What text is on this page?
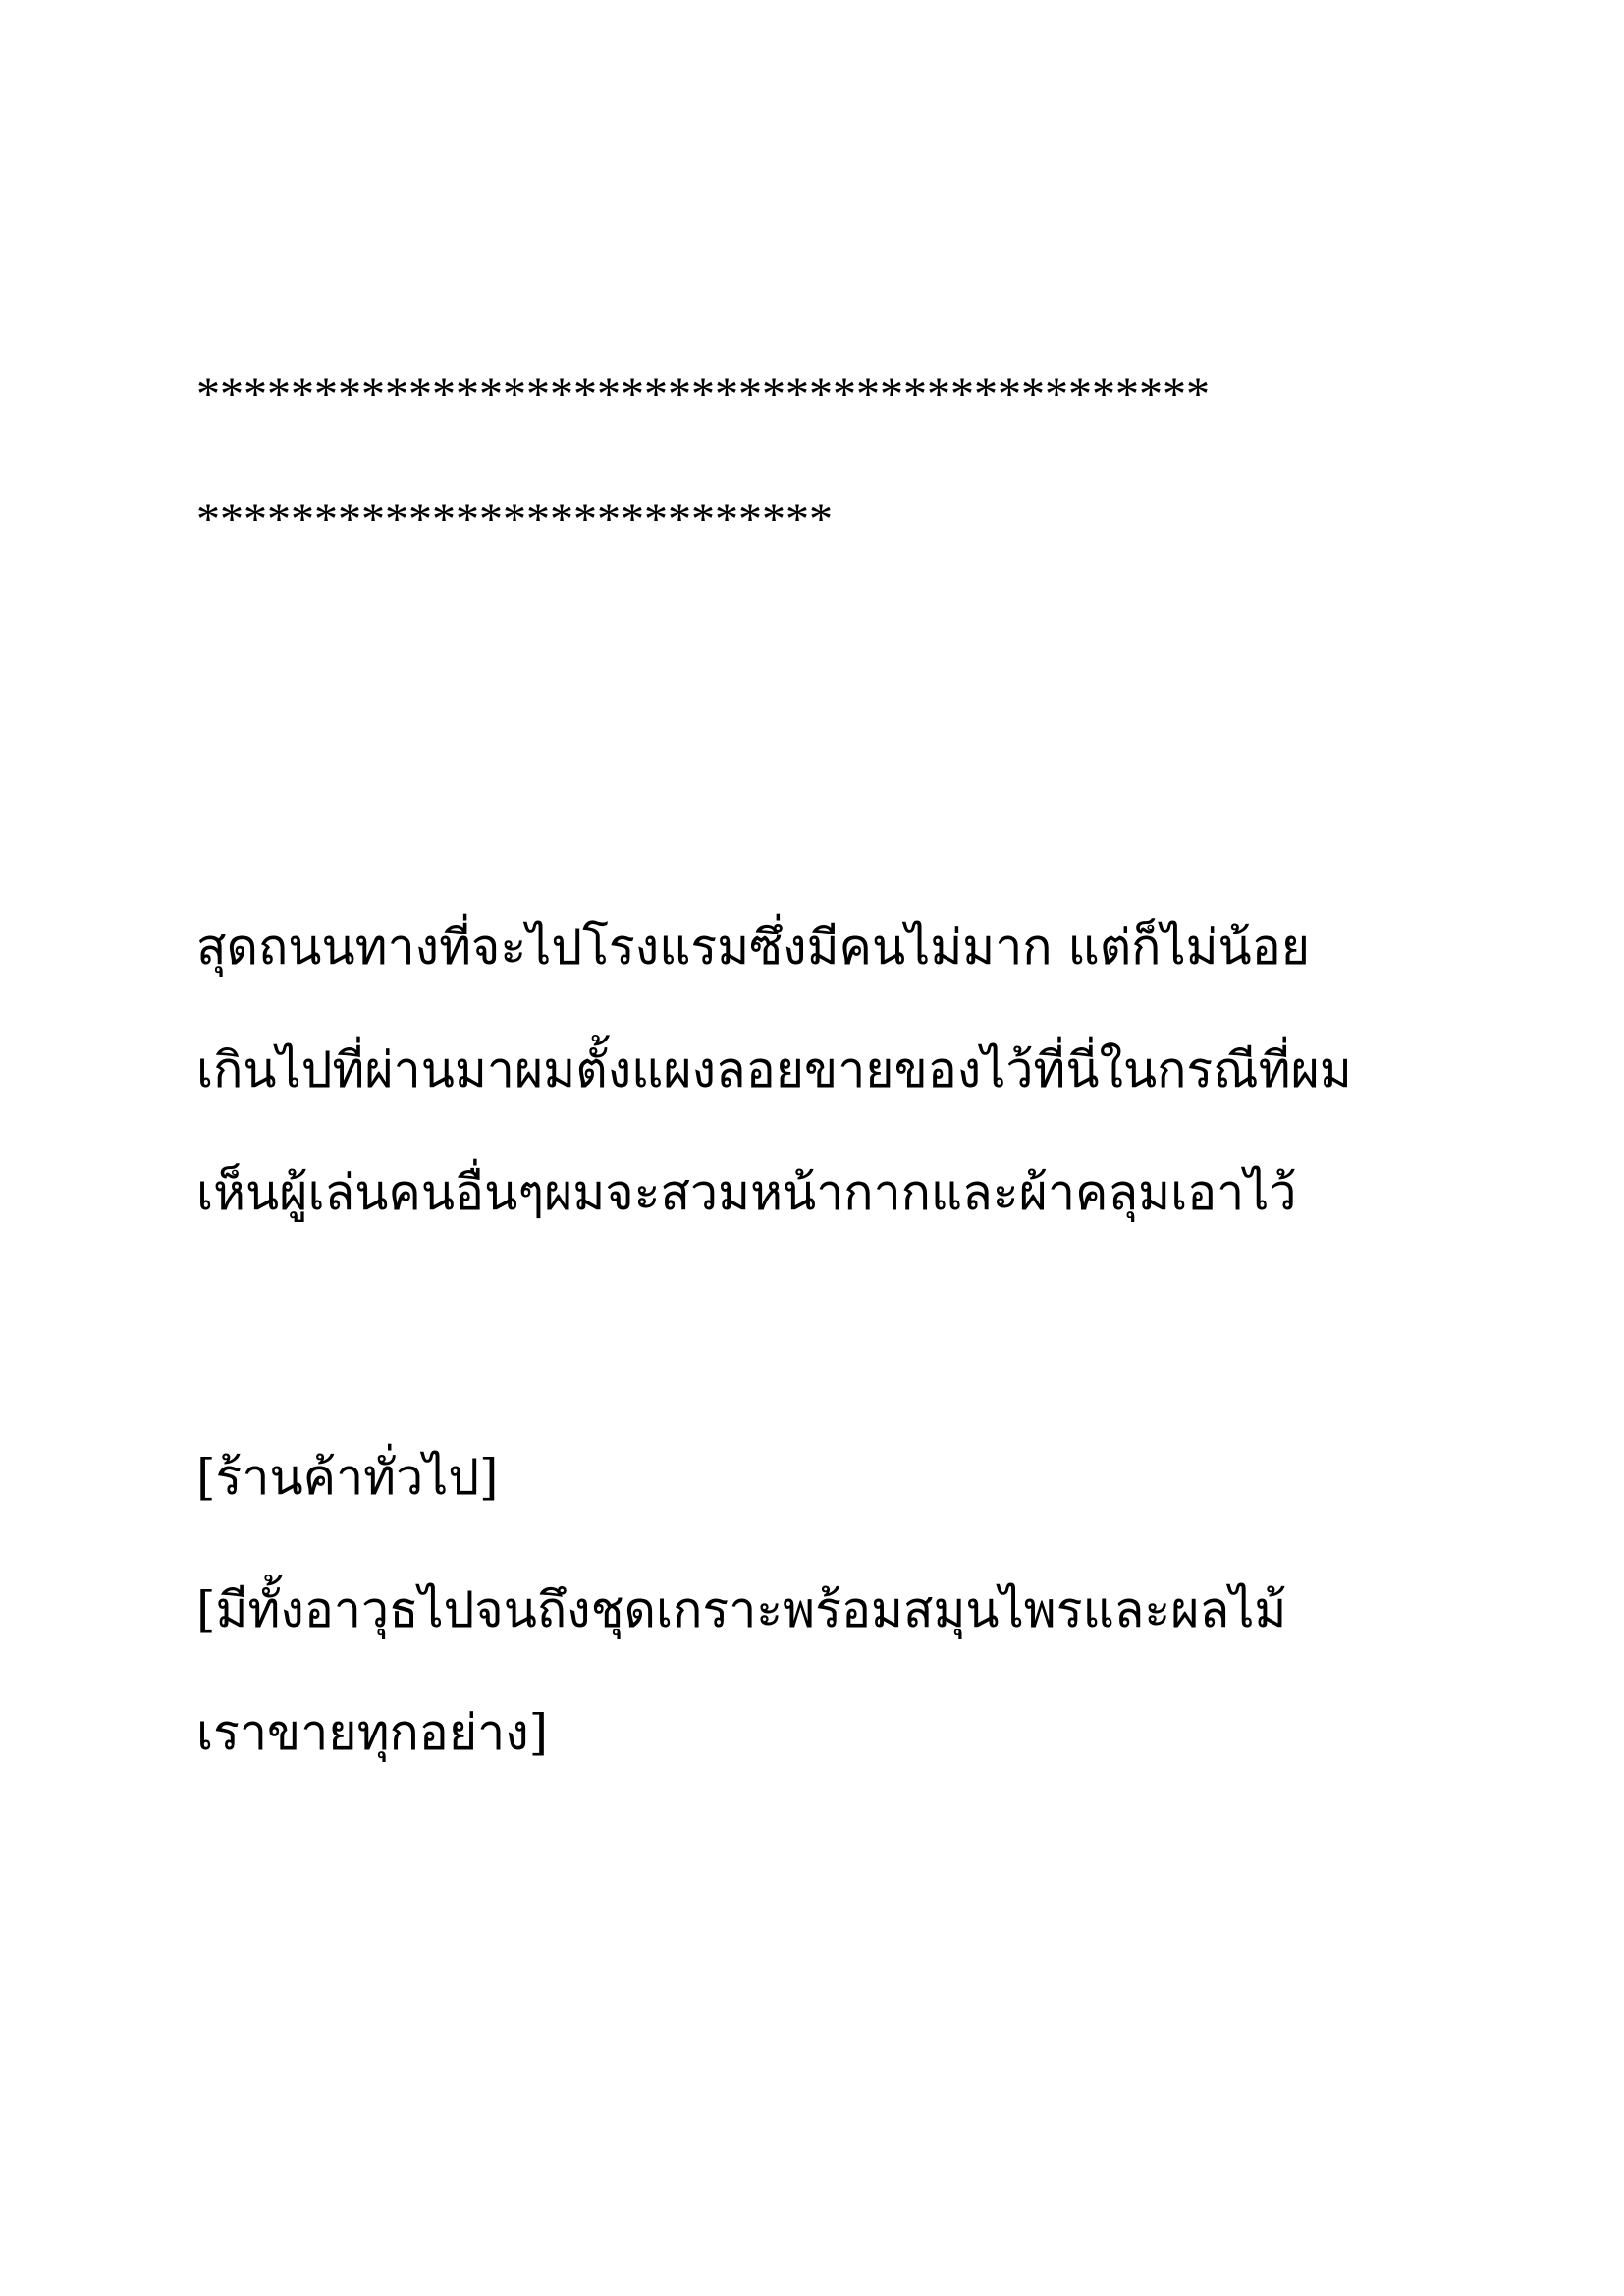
*******************************************
***************************
สุดถนนทางที่จะไปโรงแรมซึ่งมีคนไม่มาก แต่ก็ไม่น้อย
เกินไปที่ผ่านมาผมตั้งแผงลอยขายของไว้ที่นี่ในกรณีที่ผม
เห็นผู้เล่นคนอื่นๆผมจะสวมหน้ากากและผ้าคลุมเอาไว้
[ร้านค้าทั่วไป]
[มีทั้งอาวุธไปจนถึงชุดเกราะพร้อมสมุนไพรและผลไม้
เราขายทุกอย่าง]
